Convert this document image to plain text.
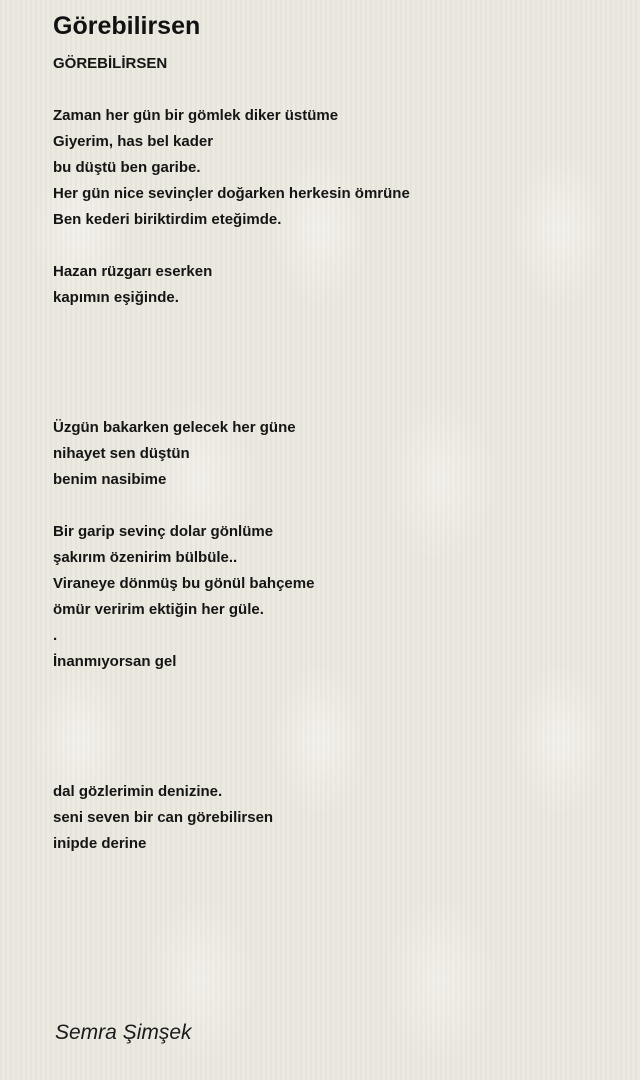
Görebilirsen
GÖREBİLİRSEN
Zaman her gün bir gömlek diker üstüme
Giyerim, has bel kader
bu düştü ben garibe.
Her gün nice sevinçler doğarken herkesin ömrüne
Ben kederi biriktirdim eteğimde.
Hazan rüzgarı eserken
kapımın eşiğinde.
Üzgün bakarken gelecek her güne
nihayet sen düştün
benim nasibime
Bir garip sevinç dolar gönlüme
şakırım özenirim bülbüle..
Viraneye dönmüş bu gönül bahçeme
ömür veririm ektiğin her güle.
.
İnanmıyorsan gel
dal gözlerimin denizine.
seni seven bir can görebilirsen
inipde derine
Semra Şimşek
